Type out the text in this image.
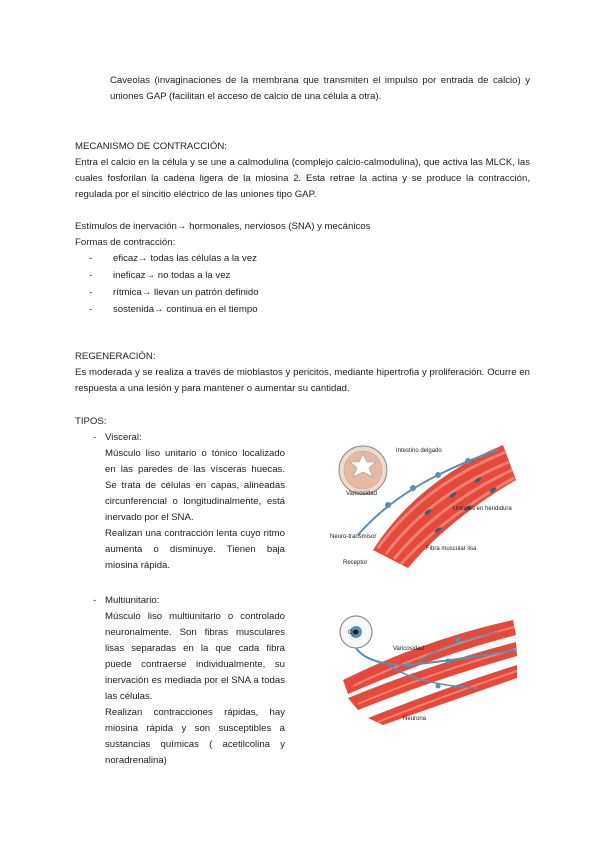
Caveolas (invaginaciones de la membrana que transmiten el impulso por entrada de calcio) y uniones GAP (facilitan el acceso de calcio de una célula a otra).

MECANISMO DE CONTRACCIÓN:

Entra el calcio en la célula y se une a calmodulina (complejo calcio-calmodulina), que activa las MLCK, las cuales fosforilan la cadena ligera de la miosina 2. Esta retrae la actina y se produce la contracción, regulada por el sincitio eléctrico de las uniones tipo GAP.

Estímulos de inervación→ hormonales, nerviosos (SNA) y mecánicos

Formas de contracción:

- eficaz→ todas las células a la vez
- ineficaz→ no todas a la vez
- rítmica→ llevan un patrón definido
- sostenida→ continua en el tiempo

REGENERACIÓN:

Es moderada y se realiza a través de mioblastos y pericitos, mediante hipertrofia y proliferación. Ocurre en respuesta a una lesión y para mantener o aumentar su cantidad.

TIPOS:

- Visceral:

Músculo liso unitario o tónico localizado en las paredes de las vísceras huecas. Se trata de células en capas, alineadas circunferencial o longitudinalmente, está inervado por el SNA.

Realizan una contracción lenta cuyo ritmo aumenta o disminuye. Tienen baja miosina rápida.

- Multiunitario:

Músculo liso multiunitario o controlado neuronalmente. Son fibras musculares lisas separadas en la que cada fibra puede contraerse individualmente, su inervación es mediada por el SNA a todas las células.

Realizan contracciones rápidas, hay miosina rápida y son susceptibles a sustancias químicas ( acetilcolina y noradrenalina)

Intestino delgado
Varicosidad
Neuro-transmisor
Uniones en hendidura
Fibra muscular lisa
Receptor
Ojo
Varicosidad
Neurona
